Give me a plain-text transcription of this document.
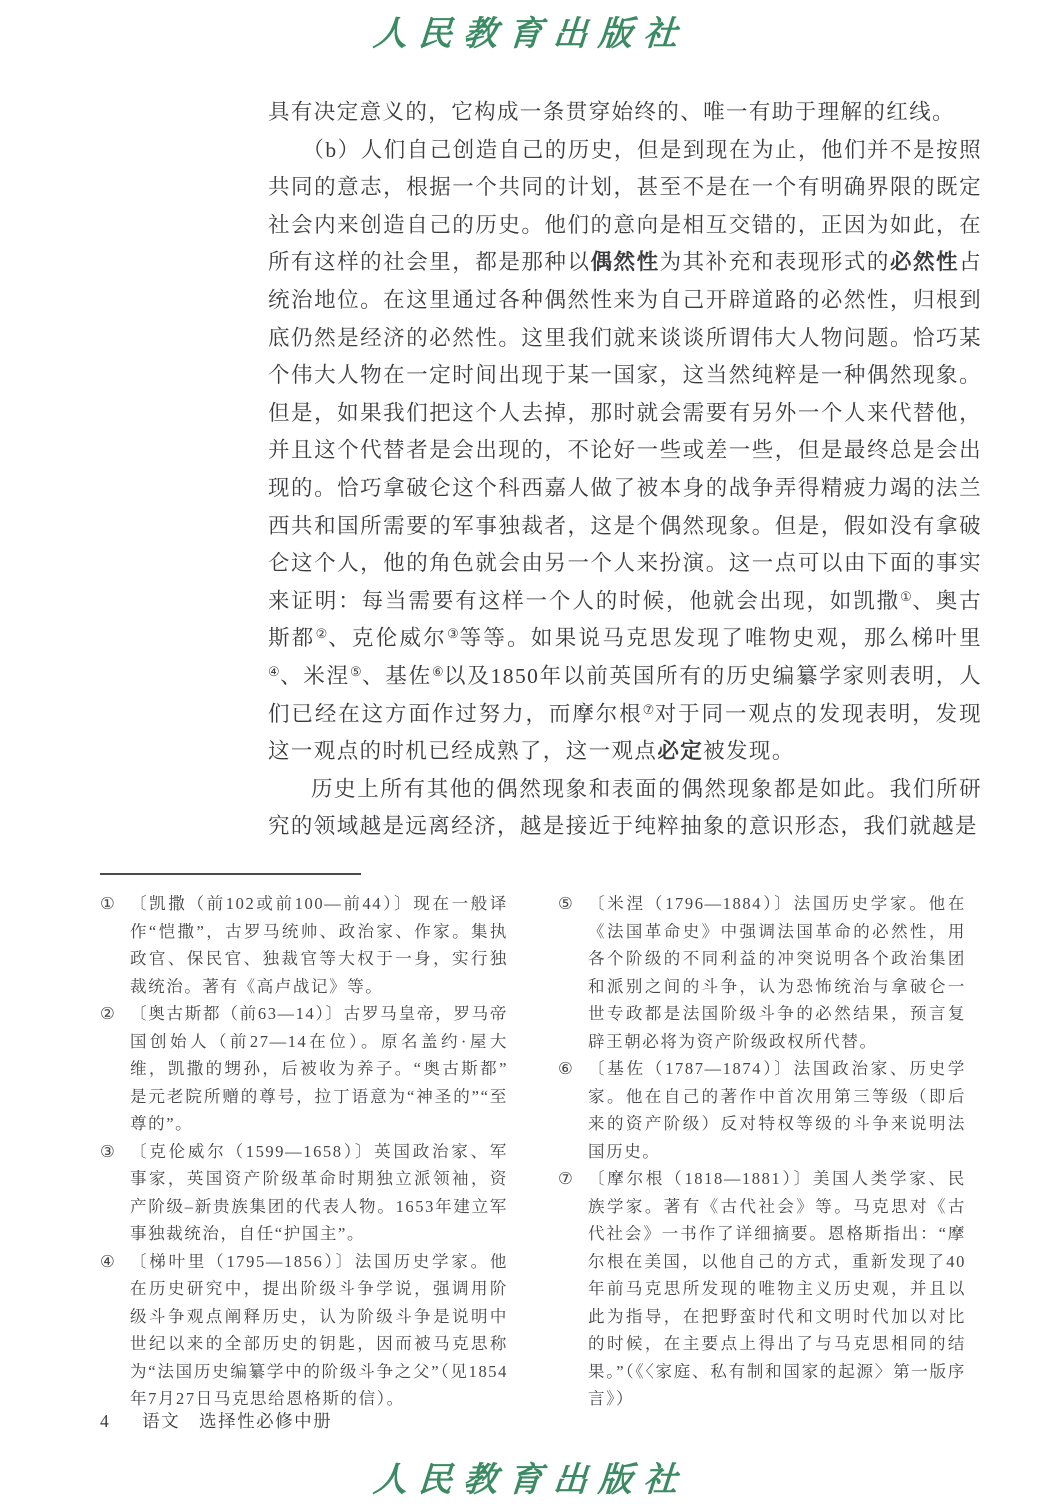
人民教育出版社

具有决定意义的，它构成一条贯穿始终的、唯一有助于理解的红线。

（b）人们自己创造自己的历史，但是到现在为止，他们并不是按照共同的意志，根据一个共同的计划，甚至不是在一个有明确界限的既定社会内来创造自己的历史。他们的意向是相互交错的，正因为如此，在所有这样的社会里，都是那种以偶然性为其补充和表现形式的必然性占统治地位。在这里通过各种偶然性来为自己开辟道路的必然性，归根到底仍然是经济的必然性。这里我们就来谈谈所谓伟大人物问题。恰巧某个伟大人物在一定时间出现于某一国家，这当然纯粹是一种偶然现象。但是，如果我们把这个人去掉，那时就会需要有另外一个人来代替他，并且这个代替者是会出现的，不论好一些或差一些，但是最终总是会出现的。恰巧拿破仑这个科西嘉人做了被本身的战争弄得精疲力竭的法兰西共和国所需要的军事独裁者，这是个偶然现象。但是，假如没有拿破仑这个人，他的角色就会由另一个人来扮演。这一点可以由下面的事实来证明：每当需要有这样一个人的时候，他就会出现，如凯撒①、奥古斯都②、克伦威尔③等等。如果说马克思发现了唯物史观，那么梯叶里④、米涅⑤、基佐⑥以及1850年以前英国所有的历史编纂学家则表明，人们已经在这方面作过努力，而摩尔根⑦对于同一观点的发现表明，发现这一观点的时机已经成熟了，这一观点必定被发现。

历史上所有其他的偶然现象和表面的偶然现象都是如此。我们所研究的领域越是远离经济，越是接近于纯粹抽象的意识形态，我们就越是

① 〔凯撒（前102或前100—前44）〕现在一般译作“恺撒”，古罗马统帅、政治家、作家。集执政官、保民官、独裁官等大权于一身，实行独裁统治。著有《高卢战记》等。
② 〔奥古斯都（前63—14）〕古罗马皇帝，罗马帝国创始人（前27—14在位）。原名盖约·屋大维，凯撒的甥孙，后被收为养子。“奥古斯都”是元老院所赠的尊号，拉丁语意为“神圣的”“至尊的”。
③ 〔克伦威尔（1599—1658）〕英国政治家、军事家，英国资产阶级革命时期独立派领袖，资产阶级–新贵族集团的代表人物。1653年建立军事独裁统治，自任“护国主”。
④ 〔梯叶里（1795—1856）〕法国历史学家。他在历史研究中，提出阶级斗争学说，强调用阶级斗争观点阐释历史，认为阶级斗争是说明中世纪以来的全部历史的钥匙，因而被马克思称为“法国历史编纂学中的阶级斗争之父”（见1854年7月27日马克思给恩格斯的信）。
⑤ 〔米涅（1796—1884）〕法国历史学家。他在《法国革命史》中强调法国革命的必然性，用各个阶级的不同利益的冲突说明各个政治集团和派别之间的斗争，认为恐怖统治与拿破仑一世专政都是法国阶级斗争的必然结果，预言复辟王朝必将为资产阶级政权所代替。
⑥ 〔基佐（1787—1874）〕法国政治家、历史学家。他在自己的著作中首次用第三等级（即后来的资产阶级）反对特权等级的斗争来说明法国历史。
⑦ 〔摩尔根（1818—1881）〕美国人类学家、民族学家。著有《古代社会》等。马克思对《古代社会》一书作了详细摘要。恩格斯指出：“摩尔根在美国，以他自己的方式，重新发现了40年前马克思所发现的唯物主义历史观，并且以此为指导，在把野蛮时代和文明时代加以对比的时候，在主要点上得出了与马克思相同的结果。”（《〈家庭、私有制和国家的起源〉第一版序言》）
4 语文　选择性必修中册
人民教育出版社
